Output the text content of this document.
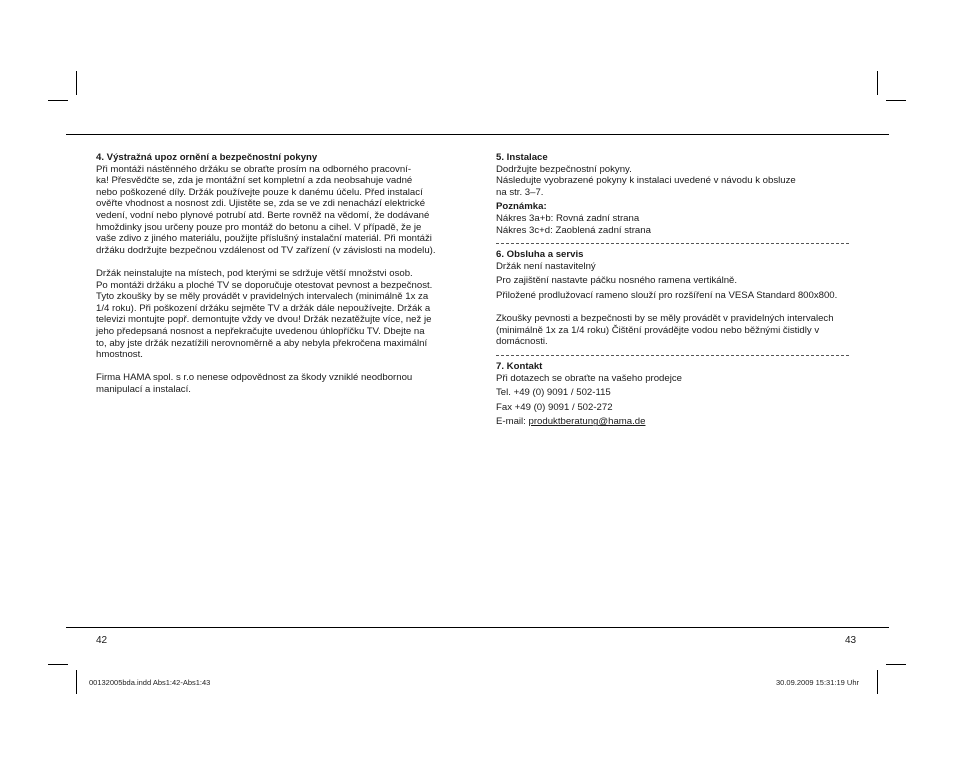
4. Výstražná upoz ornění a bezpečnostní pokyny

Při montáži nástěnného držáku se obraťte prosím na odborného pracovní-

ka! Přesvědčte se, zda je montážní set kompletní a zda neobsahuje vadné

nebo poškozené díly. Držák používejte pouze k danému účelu. Před instalací

ověřte vhodnost a nosnost zdi. Ujistěte se, zda se ve zdi nenachází elektrické

vedení, vodní nebo plynové potrubí atd. Berte rovněž na vědomí, že dodávané

hmoždinky jsou určeny pouze pro montáž do betonu a cihel. V případě, že je

vaše zdivo z jiného materiálu, použijte příslušný instalační materiál. Při montáži

držáku dodržujte bezpečnou vzdálenost od TV zařízení (v závislosti na modelu).

Držák neinstalujte na místech, pod kterými se sdržuje větší množstvi osob.

Po montáži držáku a ploché TV se doporučuje otestovat pevnost a bezpečnost.

Tyto zkoušky by se měly provádět v pravidelných intervalech (minimálně 1x za

1/4 roku). Při poškození držáku sejměte TV a držák dále nepoužívejte. Držák a

televizi montujte popř. demontujte vždy ve dvou! Držák nezatěžujte více, než je

jeho předepsaná nosnost a nepřekračujte uvedenou úhlopříčku TV. Dbejte na

to, aby jste držák nezatížili nerovnoměrně a aby nebyla překročena maximální

hmostnost.

Firma HAMA spol. s r.o nenese odpovědnost za škody vzniklé neodbornou

manipulací a instalací.

5. Instalace

Dodržujte bezpečnostní pokyny.

Následujte vyobrazené pokyny k instalaci uvedené v návodu k obsluze

na str. 3–7.

Poznámka:

Nákres 3a+b: Rovná zadní strana

Nákres 3c+d: Zaoblená zadní strana

6. Obsluha a servis

Držák není nastavitelný

Pro zajištění nastavte páčku nosného ramena vertikálně.

Přiložené prodlužovací rameno slouží pro rozšíření na VESA Standard 800x800.

Zkoušky pevnosti a bezpečnosti by se měly provádět v pravidelných intervalech

(minimálně 1x za 1/4 roku) Čištění provádějte vodou nebo běžnými čistidly v

domácnosti.

7. Kontakt

Při dotazech se obraťte na vašeho prodejce

Tel. +49 (0) 9091 / 502-115

Fax +49 (0) 9091 / 502-272

E-mail: produktberatung@hama.de

42	43
00132005bda.indd Abs1:42-Abs1:43	30.09.2009 15:31:19 Uhr
